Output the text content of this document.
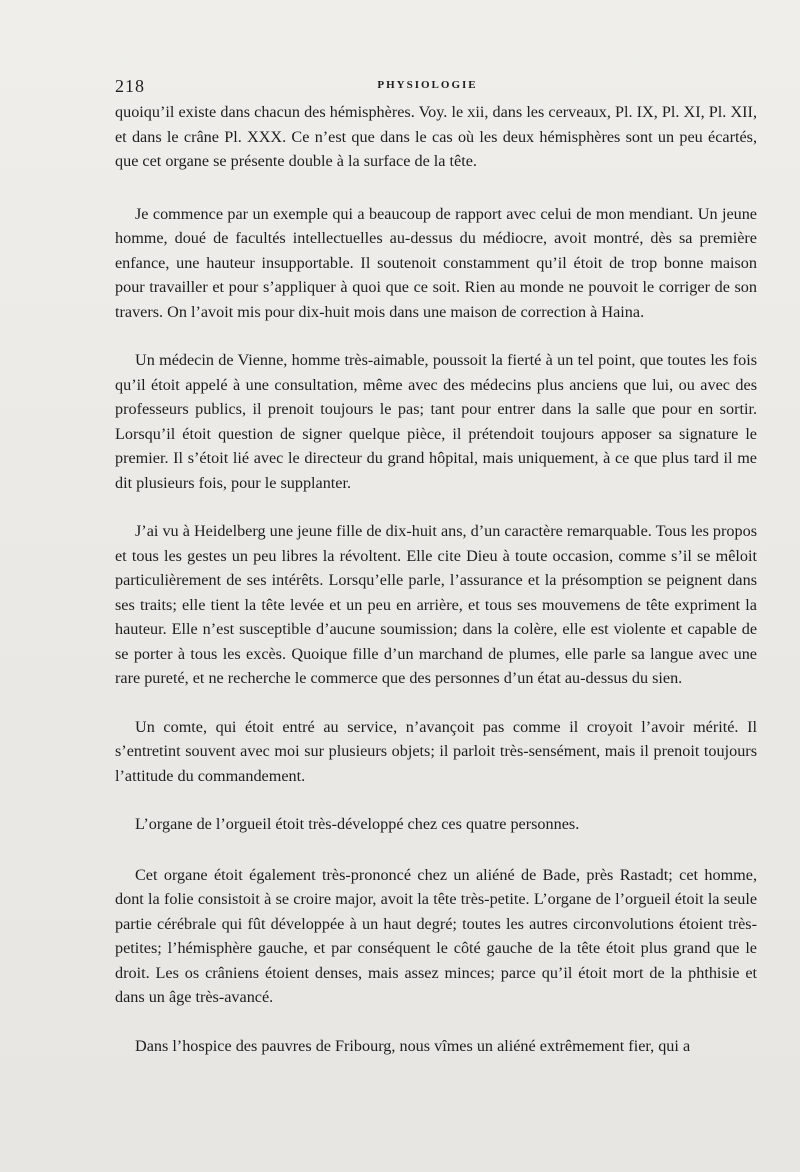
218	PHYSIOLOGIE

quoiqu’il existe dans chacun des hémisphères. Voy. le xii, dans les cerveaux, Pl. IX, Pl. XI, Pl. XII, et dans le crâne Pl. XXX. Ce n’est que dans le cas où les deux hémisphères sont un peu écartés, que cet organe se présente double à la surface de la tête.

Je commence par un exemple qui a beaucoup de rapport avec celui de mon mendiant. Un jeune homme, doué de facultés intellectuelles au-dessus du médiocre, avoit montré, dès sa première enfance, une hauteur insupportable. Il soutenoit constamment qu’il étoit de trop bonne maison pour travailler et pour s’appliquer à quoi que ce soit. Rien au monde ne pouvoit le corriger de son travers. On l’avoit mis pour dix-huit mois dans une maison de correction à Haina.

Un médecin de Vienne, homme très-aimable, poussoit la fierté à un tel point, que toutes les fois qu’il étoit appelé à une consultation, même avec des médecins plus anciens que lui, ou avec des professeurs publics, il prenoit toujours le pas; tant pour entrer dans la salle que pour en sortir. Lorsqu’il étoit question de signer quelque pièce, il prétendoit toujours apposer sa signature le premier. Il s’étoit lié avec le directeur du grand hôpital, mais uniquement, à ce que plus tard il me dit plusieurs fois, pour le supplanter.

J’ai vu à Heidelberg une jeune fille de dix-huit ans, d’un caractère remarquable. Tous les propos et tous les gestes un peu libres la révoltent. Elle cite Dieu à toute occasion, comme s’il se mêloit particulièrement de ses intérêts. Lorsqu’elle parle, l’assurance et la présomption se peignent dans ses traits; elle tient la tête levée et un peu en arrière, et tous ses mouvemens de tête expriment la hauteur. Elle n’est susceptible d’aucune soumission; dans la colère, elle est violente et capable de se porter à tous les excès. Quoique fille d’un marchand de plumes, elle parle sa langue avec une rare pureté, et ne recherche le commerce que des personnes d’un état au-dessus du sien.

Un comte, qui étoit entré au service, n’avançoit pas comme il croyoit l’avoir mérité. Il s’entretint souvent avec moi sur plusieurs objets; il parloit très-sensément, mais il prenoit toujours l’attitude du commandement.

L’organe de l’orgueil étoit très-développé chez ces quatre personnes.

Cet organe étoit également très-prononcé chez un aliéné de Bade, près Rastadt; cet homme, dont la folie consistoit à se croire major, avoit la tête très-petite. L’organe de l’orgueil étoit la seule partie cérébrale qui fût développée à un haut degré; toutes les autres circonvolutions étoient très-petites; l’hémisphère gauche, et par conséquent le côté gauche de la tête étoit plus grand que le droit. Les os crâniens étoient denses, mais assez minces; parce qu’il étoit mort de la phthisie et dans un âge très-avancé.

Dans l’hospice des pauvres de Fribourg, nous vîmes un aliéné extrêmement fier, qui a
